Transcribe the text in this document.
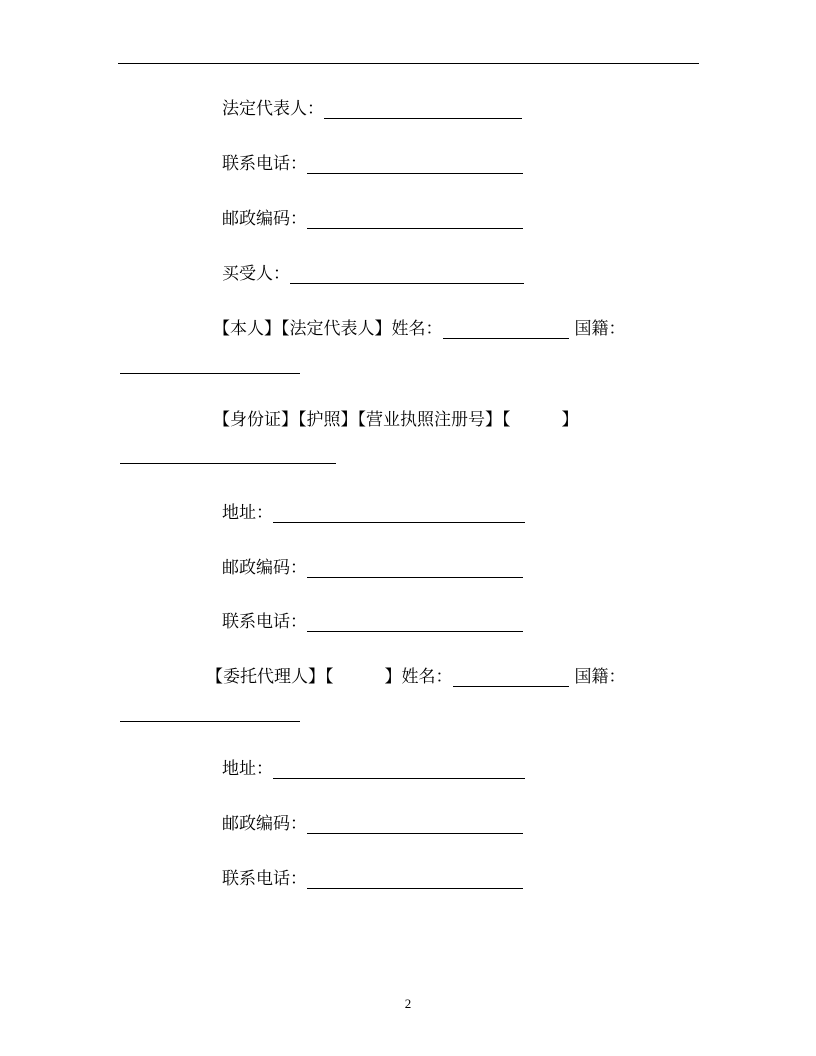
法定代表人：
联系电话：
邮政编码：
买受人：
【本人】【法定代表人】姓名：	国籍：
【身份证】【护照】【营业执照注册号】【　　　】
地址：
邮政编码：
联系电话：
【委托代理人】【　　　】姓名：	国籍：
地址：
邮政编码：
联系电话：
2
